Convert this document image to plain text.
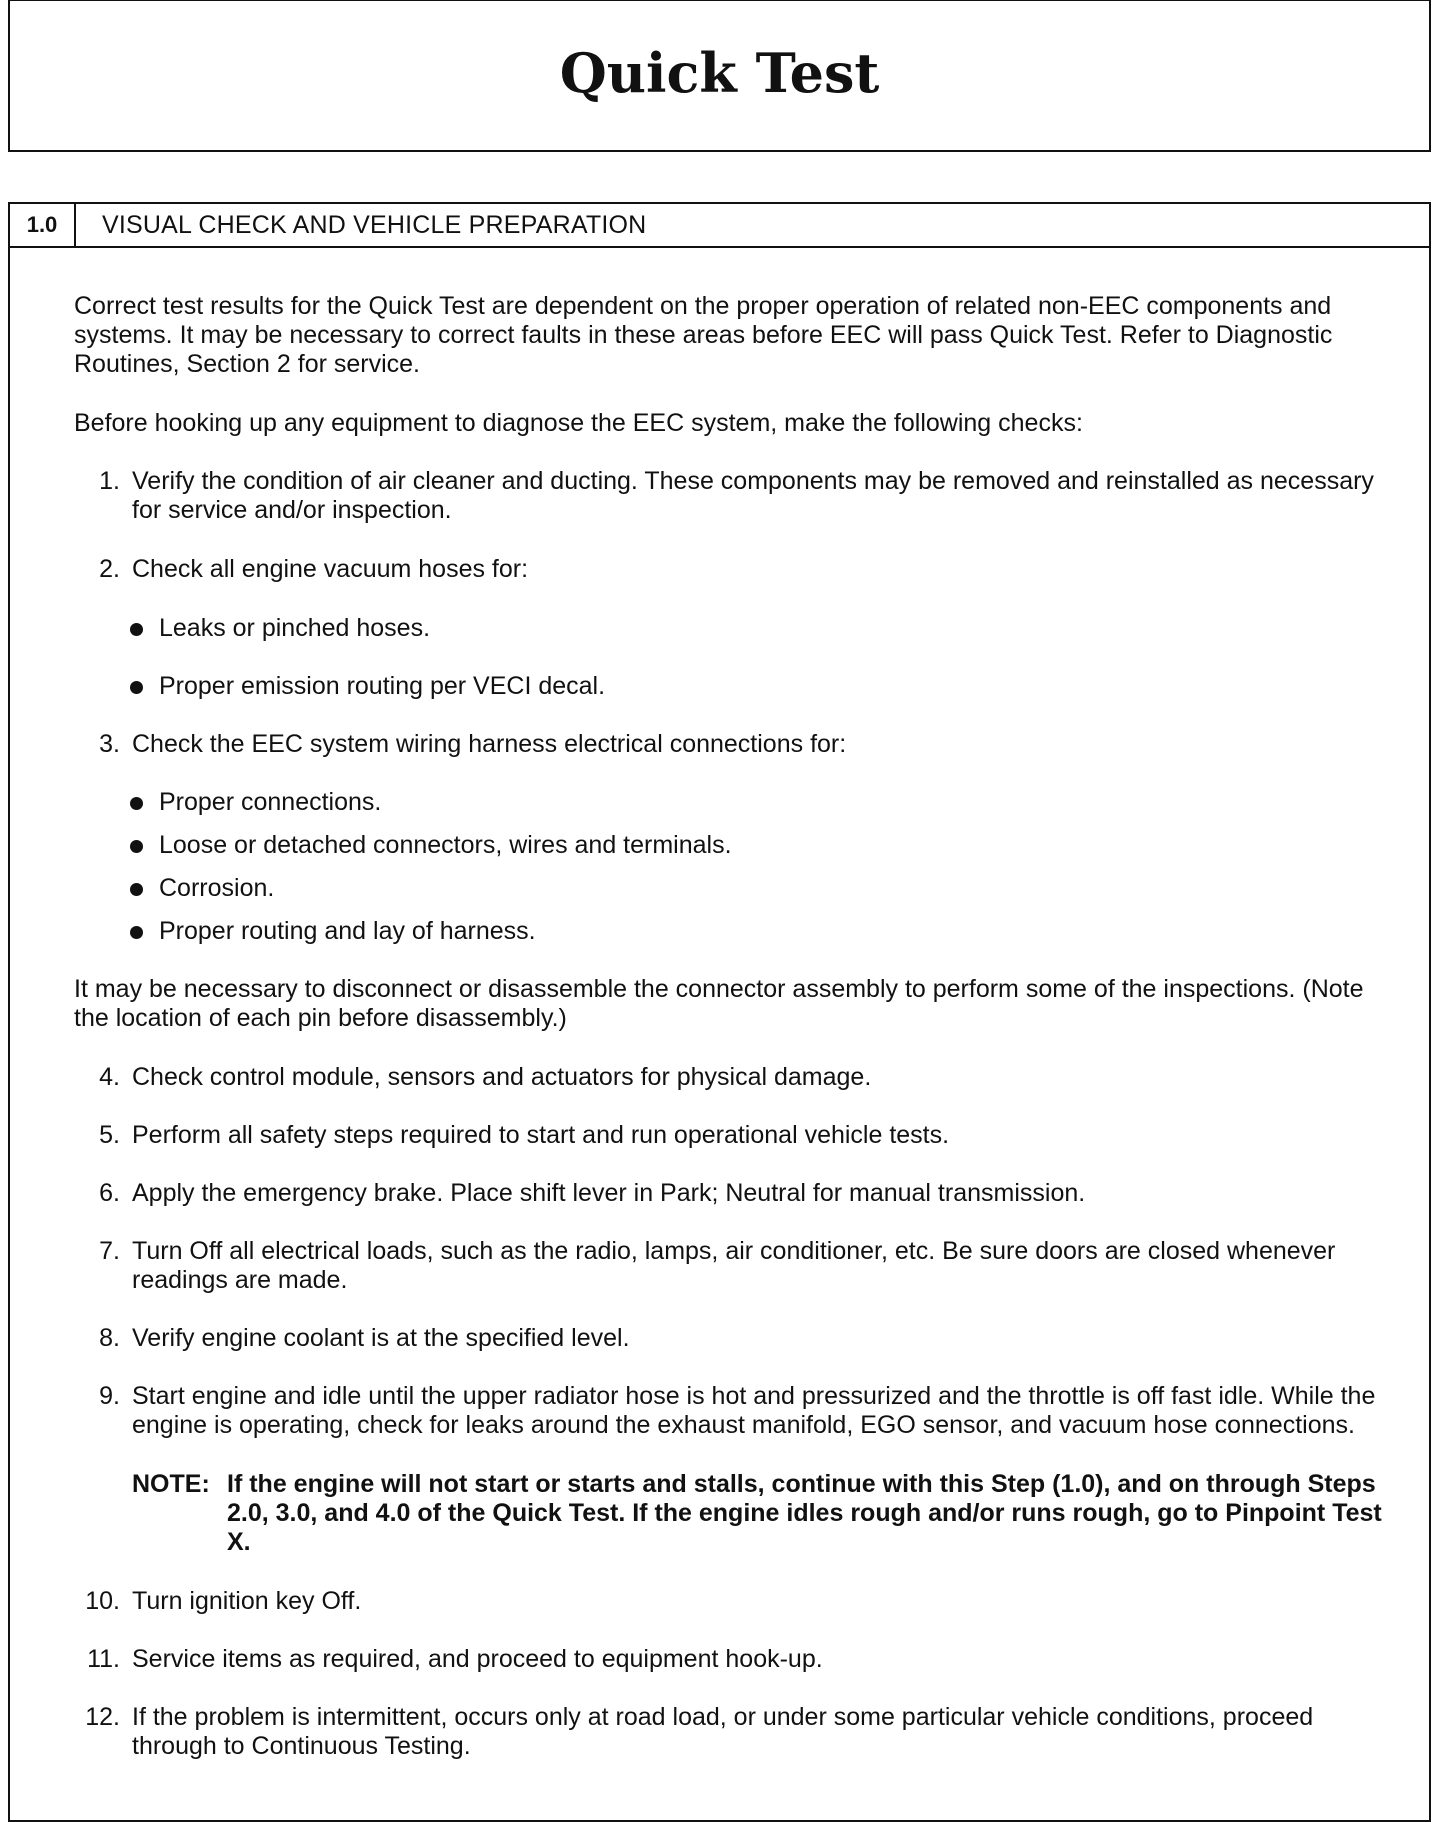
Quick Test
1.0	VISUAL CHECK AND VEHICLE PREPARATION

Correct test results for the Quick Test are dependent on the proper operation of related non-EEC components and systems. It may be necessary to correct faults in these areas before EEC will pass Quick Test. Refer to Diagnostic Routines, Section 2 for service.

Before hooking up any equipment to diagnose the EEC system, make the following checks:

1. Verify the condition of air cleaner and ducting. These components may be removed and reinstalled as necessary for service and/or inspection.
2. Check all engine vacuum hoses for:
Leaks or pinched hoses.
Proper emission routing per VECI decal.
3. Check the EEC system wiring harness electrical connections for:
Proper connections.
Loose or detached connectors, wires and terminals.
Corrosion.
Proper routing and lay of harness.

It may be necessary to disconnect or disassemble the connector assembly to perform some of the inspections. (Note the location of each pin before disassembly.)

4. Check control module, sensors and actuators for physical damage.
5. Perform all safety steps required to start and run operational vehicle tests.
6. Apply the emergency brake. Place shift lever in Park; Neutral for manual transmission.
7. Turn Off all electrical loads, such as the radio, lamps, air conditioner, etc. Be sure doors are closed whenever readings are made.
8. Verify engine coolant is at the specified level.
9. Start engine and idle until the upper radiator hose is hot and pressurized and the throttle is off fast idle. While the engine is operating, check for leaks around the exhaust manifold, EGO sensor, and vacuum hose connections.
NOTE: If the engine will not start or starts and stalls, continue with this Step (1.0), and on through Steps 2.0, 3.0, and 4.0 of the Quick Test. If the engine idles rough and/or runs rough, go to Pinpoint Test X.
10. Turn ignition key Off.
11. Service items as required, and proceed to equipment hook-up.
12. If the problem is intermittent, occurs only at road load, or under some particular vehicle conditions, proceed through to Continuous Testing.
